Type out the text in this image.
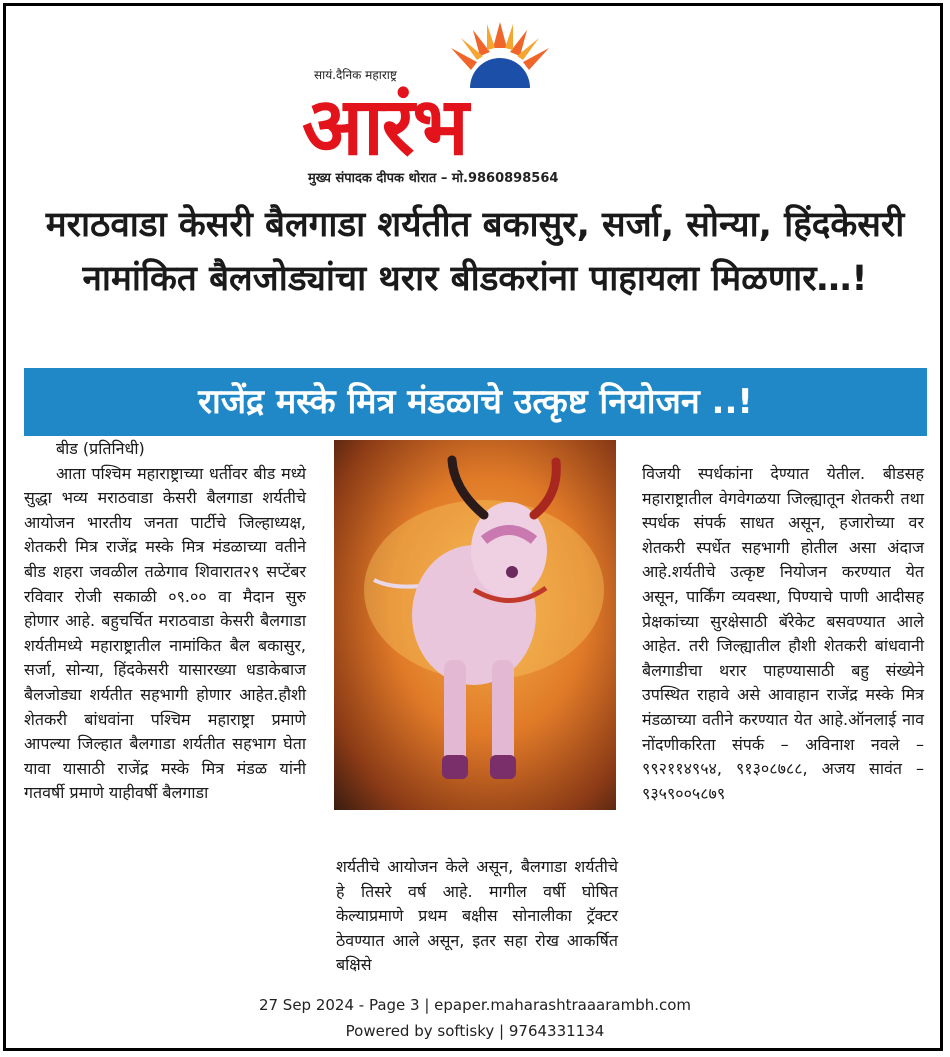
सायं.दैनिक महाराष्ट्र
आरंभ
मुख्य संपादक दीपक थोरात – मो.9860898564
मराठवाडा केसरी बैलगाडा शर्यतीत बकासुर, सर्जा, सोन्या, हिंदकेसरी नामांकित बैलजोड्यांचा थरार बीडकरांना पाहायला मिळणार…!
राजेंद्र मस्के मित्र मंडळाचे उत्कृष्ट नियोजन ..!

बीड (प्रतिनिधी)

आता पश्चिम महाराष्ट्राच्या धर्तीवर बीड मध्ये सुद्धा भव्य मराठवाडा केसरी बैलगाडा शर्यतीचे आयोजन भारतीय जनता पार्टीचे जिल्हाध्यक्ष, शेतकरी मित्र राजेंद्र मस्के मित्र मंडळाच्या वतीने बीड शहरा जवळील तळेगाव शिवारात२९ सप्टेंबर रविवार रोजी सकाळी ०९.०० वा मैदान सुरु होणार आहे. बहुचर्चित मराठवाडा केसरी बैलगाडा शर्यतीमध्ये महाराष्ट्रातील नामांकित बैल बकासुर, सर्जा, सोन्या, हिंदकेसरी यासारख्या धडाकेबाज बैलजोड्या शर्यतीत सहभागी होणार आहेत.हौशी शेतकरी बांधवांना पश्चिम महाराष्ट्रा प्रमाणे आपल्या जिल्हात बैलगाडा शर्यतीत सहभाग घेता यावा यासाठी राजेंद्र मस्के मित्र मंडळ यांनी गतवर्षी प्रमाणे याहीवर्षी बैलगाडा

शर्यतीचे आयोजन केले असून, बैलगाडा शर्यतीचे हे तिसरे वर्ष आहे. मागील वर्षी घोषित केल्याप्रमाणे प्रथम बक्षीस सोनालीका ट्रॅक्टर ठेवण्यात आले असून, इतर सहा रोख आकर्षित बक्षिसे

विजयी स्पर्धकांना देण्यात येतील. बीडसह महाराष्ट्रातील वेगवेगळया जिल्ह्यातून शेतकरी तथा स्पर्धक संपर्क साधत असून, हजारोच्या वर शेतकरी स्पर्धेत सहभागी होतील असा अंदाज आहे.शर्यतीचे उत्कृष्ट नियोजन करण्यात येत असून, पार्किंग व्यवस्था, पिण्याचे पाणी आदीसह प्रेक्षकांच्या सुरक्षेसाठी बॅरेकेट बसवण्यात आले आहेत. तरी जिल्ह्यातील हौशी शेतकरी बांधवानी बैलगाडीचा थरार पाहण्यासाठी बहु संख्येने उपस्थित राहावे असे आवाहान राजेंद्र मस्के मित्र मंडळाच्या वतीने करण्यात येत आहे.ऑनलाई नाव नोंदणीकरिता संपर्क – अविनाश नवले – ९९२११४९५४, ९१३०८७८८, अजय सावंत – ९३५९००५८७९

27 Sep 2024 - Page 3 | epaper.maharashtraaarambh.com
Powered by softisky | 9764331134
